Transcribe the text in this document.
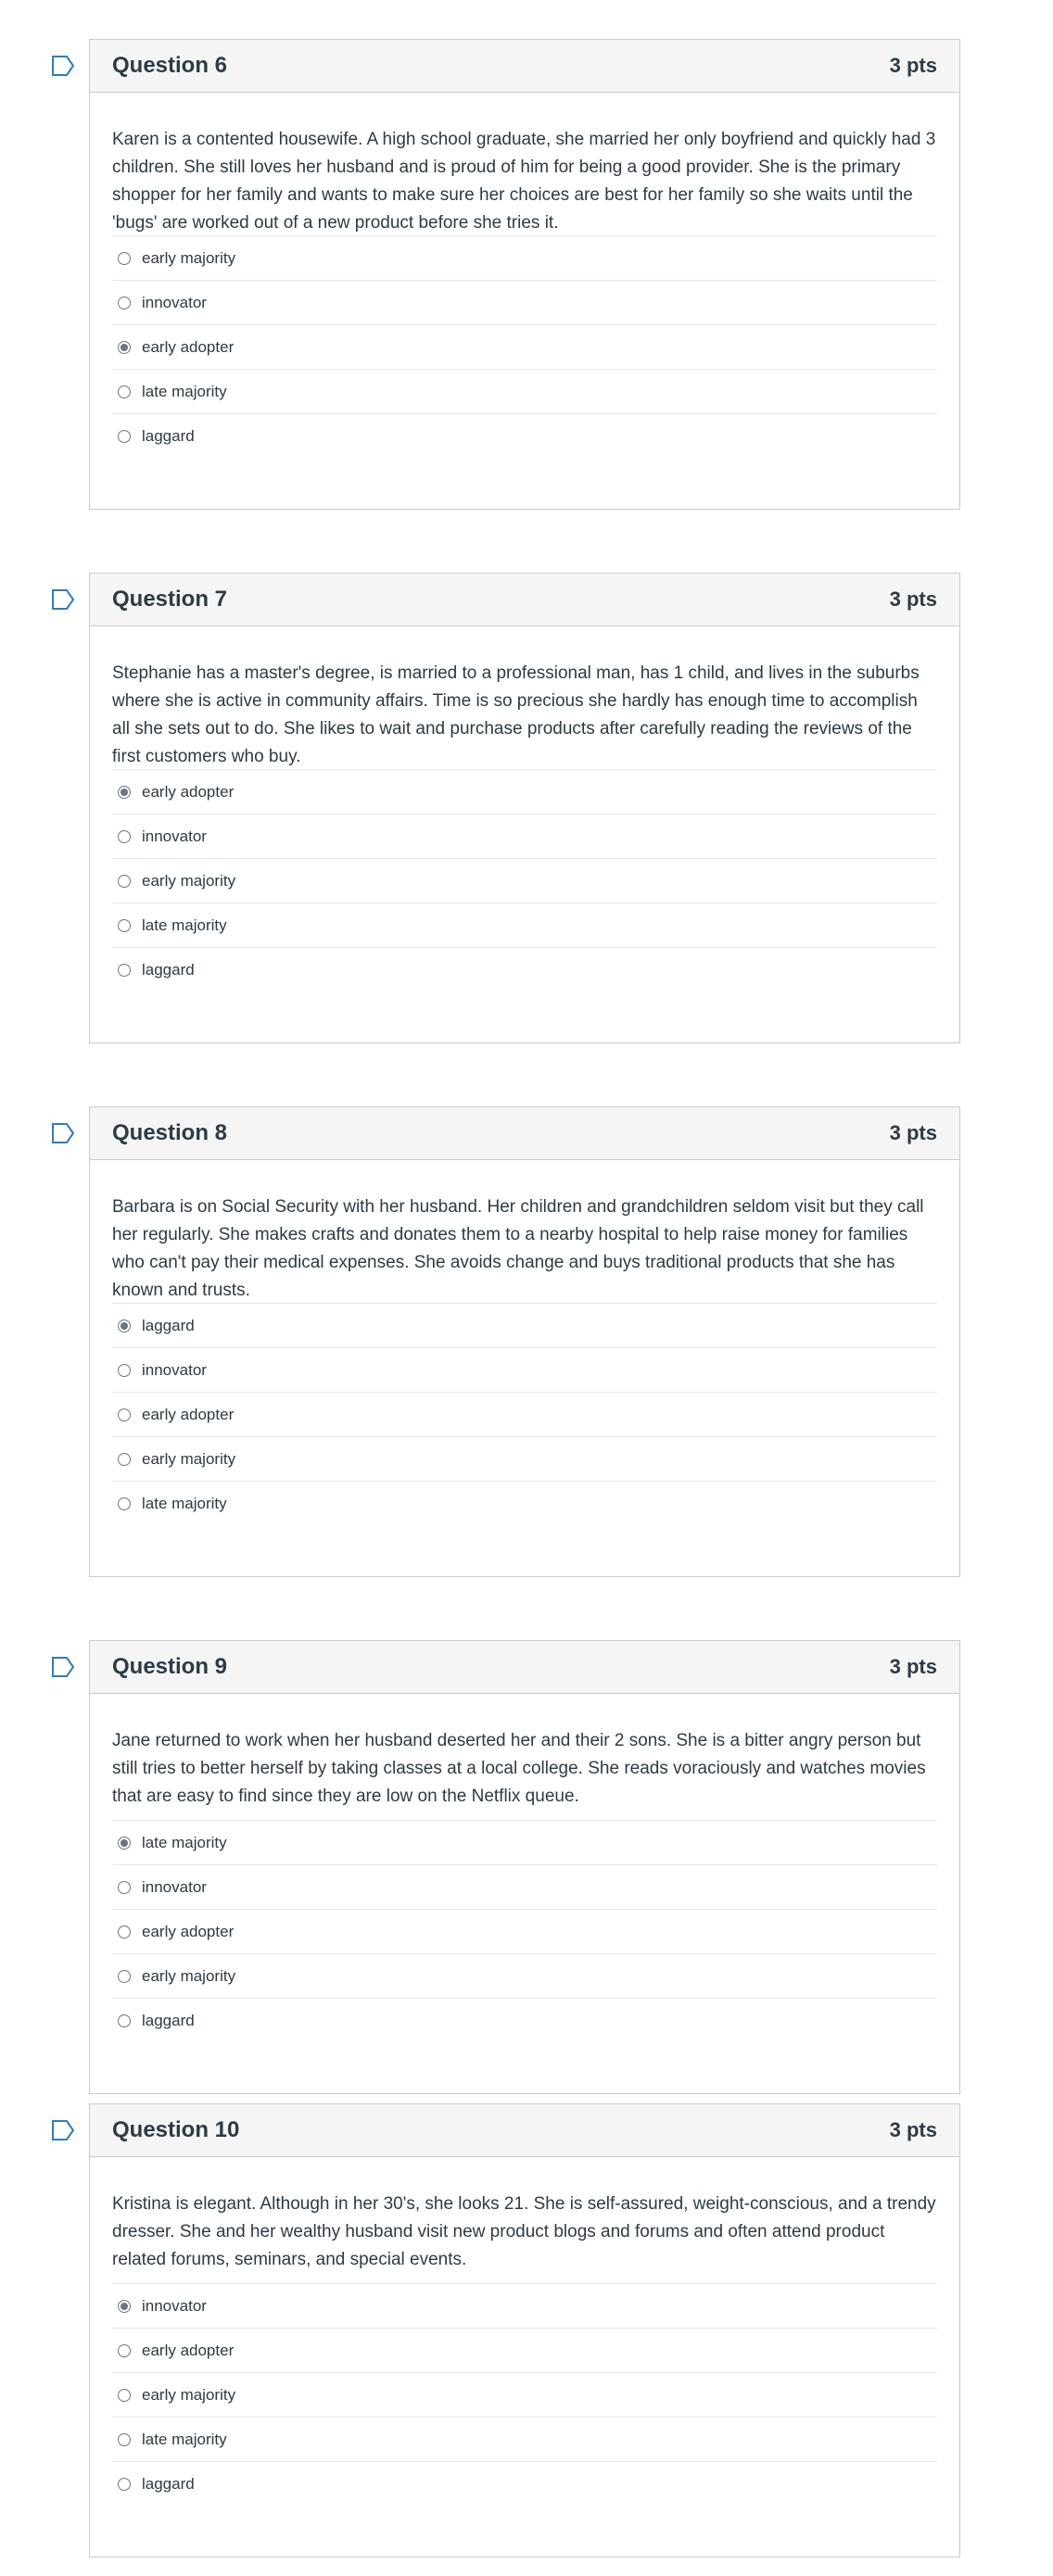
Question 6	3 pts
Karen is a contented housewife. A high school graduate, she married her only boyfriend and quickly had 3 children. She still loves her husband and is proud of him for being a good provider. She is the primary shopper for her family and wants to make sure her choices are best for her family so she waits until the 'bugs' are worked out of a new product before she tries it.
early majority
innovator
early adopter
late majority
laggard
Question 7	3 pts
Stephanie has a master's degree, is married to a professional man, has 1 child, and lives in the suburbs where she is active in community affairs. Time is so precious she hardly has enough time to accomplish all she sets out to do. She likes to wait and purchase products after carefully reading the reviews of the first customers who buy.
early adopter
innovator
early majority
late majority
laggard
Question 8	3 pts
Barbara is on Social Security with her husband. Her children and grandchildren seldom visit but they call her regularly. She makes crafts and donates them to a nearby hospital to help raise money for families who can't pay their medical expenses. She avoids change and buys traditional products that she has known and trusts.
laggard
innovator
early adopter
early majority
late majority
Question 9	3 pts
Jane returned to work when her husband deserted her and their 2 sons. She is a bitter angry person but still tries to better herself by taking classes at a local college. She reads voraciously and watches movies that are easy to find since they are low on the Netflix queue.
late majority
innovator
early adopter
early majority
laggard
Question 10	3 pts
Kristina is elegant. Although in her 30's, she looks 21. She is self-assured, weight-conscious, and a trendy dresser. She and her wealthy husband visit new product blogs and forums and often attend product related forums, seminars, and special events.
innovator
early adopter
early majority
late majority
laggard
